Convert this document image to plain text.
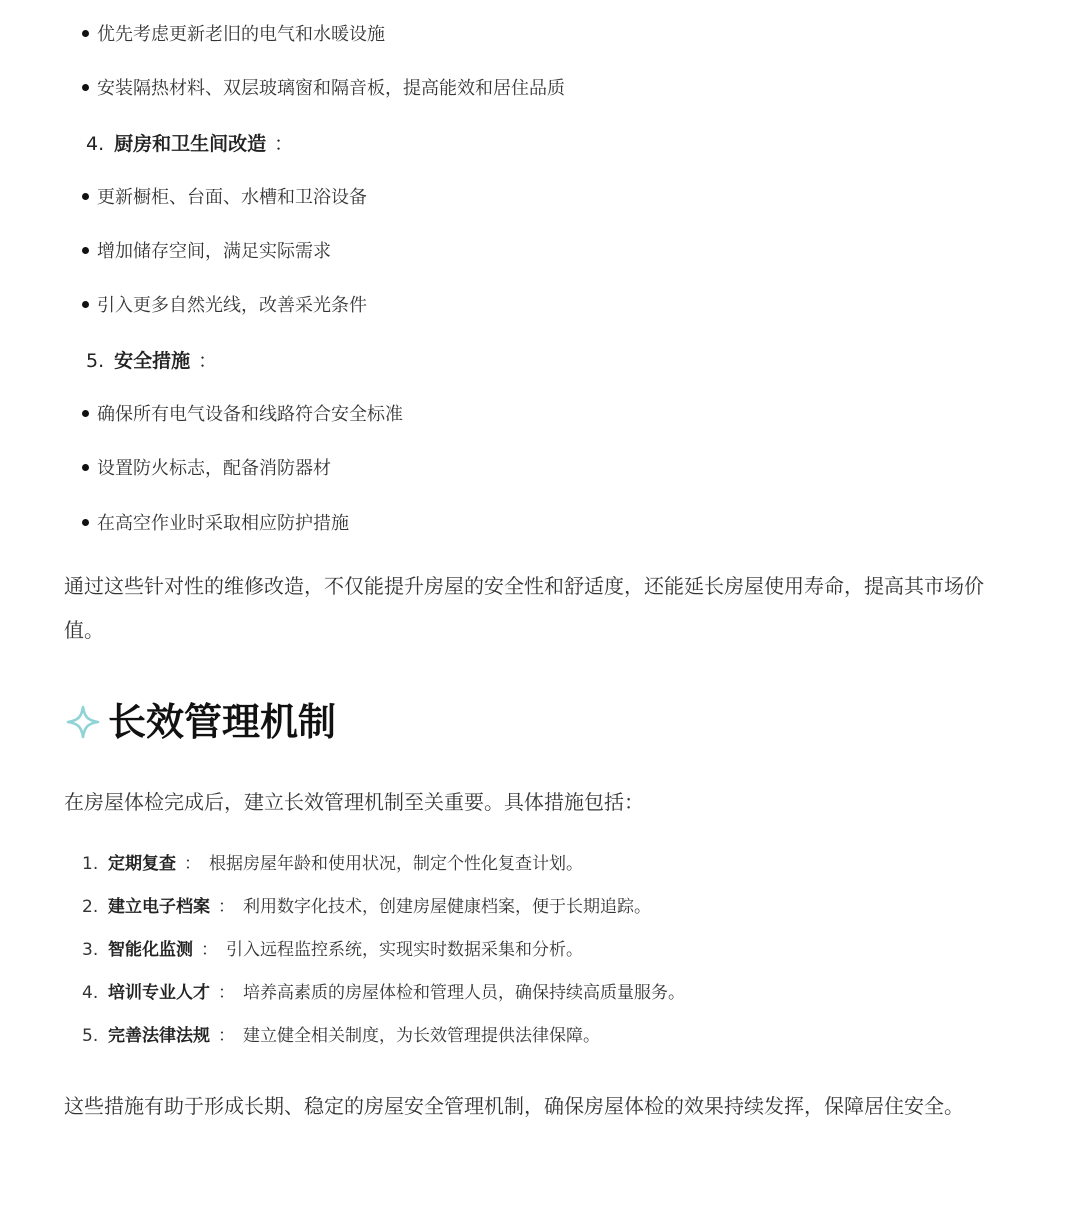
优先考虑更新老旧的电气和水暖设施
安装隔热材料、双层玻璃窗和隔音板，提高能效和居住品质
4. 厨房和卫生间改造 ：
更新橱柜、台面、水槽和卫浴设备
增加储存空间，满足实际需求
引入更多自然光线，改善采光条件
5. 安全措施 ：
确保所有电气设备和线路符合安全标准
设置防火标志，配备消防器材
在高空作业时采取相应防护措施
通过这些针对性的维修改造，不仅能提升房屋的安全性和舒适度，还能延长房屋使用寿命，提高其市场价值。
长效管理机制
在房屋体检完成后，建立长效管理机制至关重要。具体措施包括：
1. 定期复查 ： 根据房屋年龄和使用状况，制定个性化复查计划。
2. 建立电子档案 ： 利用数字化技术，创建房屋健康档案，便于长期追踪。
3. 智能化监测 ： 引入远程监控系统，实现实时数据采集和分析。
4. 培训专业人才 ： 培养高素质的房屋体检和管理人员，确保持续高质量服务。
5. 完善法律法规 ： 建立健全相关制度，为长效管理提供法律保障。
这些措施有助于形成长期、稳定的房屋安全管理机制，确保房屋体检的效果持续发挥，保障居住安全。
